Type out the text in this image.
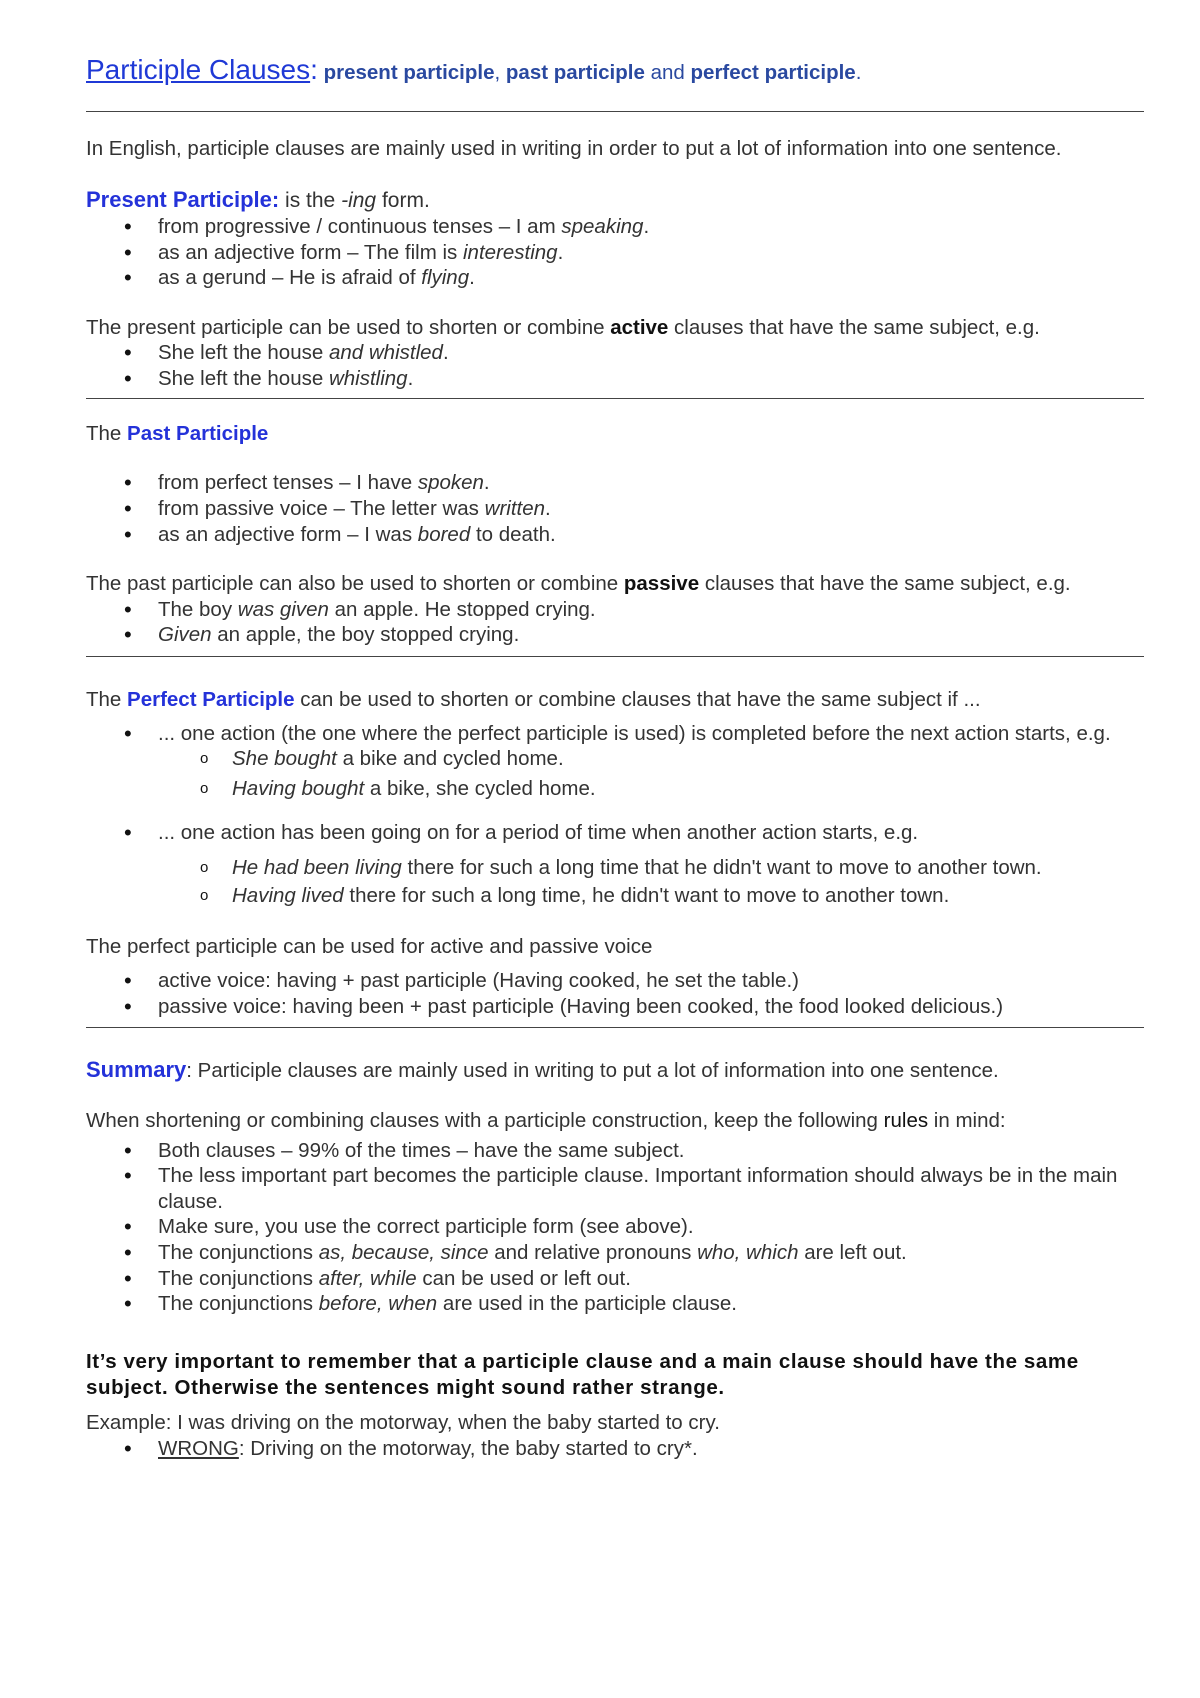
Participle Clauses: present participle, past participle and perfect participle.

In English, participle clauses are mainly used in writing in order to put a lot of information into one sentence.

Present Participle: is the -ing form.

• from progressive / continuous tenses – I am speaking.
• as an adjective form – The film is interesting.
• as a gerund – He is afraid of flying.

The present participle can be used to shorten or combine active clauses that have the same subject, e.g.

• She left the house and whistled.
• She left the house whistling.

The Past Participle

• from perfect tenses – I have spoken.
• from passive voice – The letter was written.
• as an adjective form – I was bored to death.

The past participle can also be used to shorten or combine passive clauses that have the same subject, e.g.

• The boy was given an apple. He stopped crying.
• Given an apple, the boy stopped crying.

The Perfect Participle can be used to shorten or combine clauses that have the same subject if ...

• ... one action (the one where the perfect participle is used) is completed before the next action starts, e.g.
o She bought a bike and cycled home.
o Having bought a bike, she cycled home.
• ... one action has been going on for a period of time when another action starts, e.g.
o He had been living there for such a long time that he didn't want to move to another town.
o Having lived there for such a long time, he didn't want to move to another town.

The perfect participle can be used for active and passive voice

• active voice: having + past participle (Having cooked, he set the table.)
• passive voice: having been + past participle (Having been cooked, the food looked delicious.)

Summary: Participle clauses are mainly used in writing to put a lot of information into one sentence.

When shortening or combining clauses with a participle construction, keep the following rules in mind:

• Both clauses – 99% of the times – have the same subject.
• The less important part becomes the participle clause. Important information should always be in the main clause.
• Make sure, you use the correct participle form (see above).
• The conjunctions as, because, since and relative pronouns who, which are left out.
• The conjunctions after, while can be used or left out.
• The conjunctions before, when are used in the participle clause.

It’s very important to remember that a participle clause and a main clause should have the same subject. Otherwise the sentences might sound rather strange.

Example: I was driving on the motorway, when the baby started to cry.

• WRONG: Driving on the motorway, the baby started to cry*.
